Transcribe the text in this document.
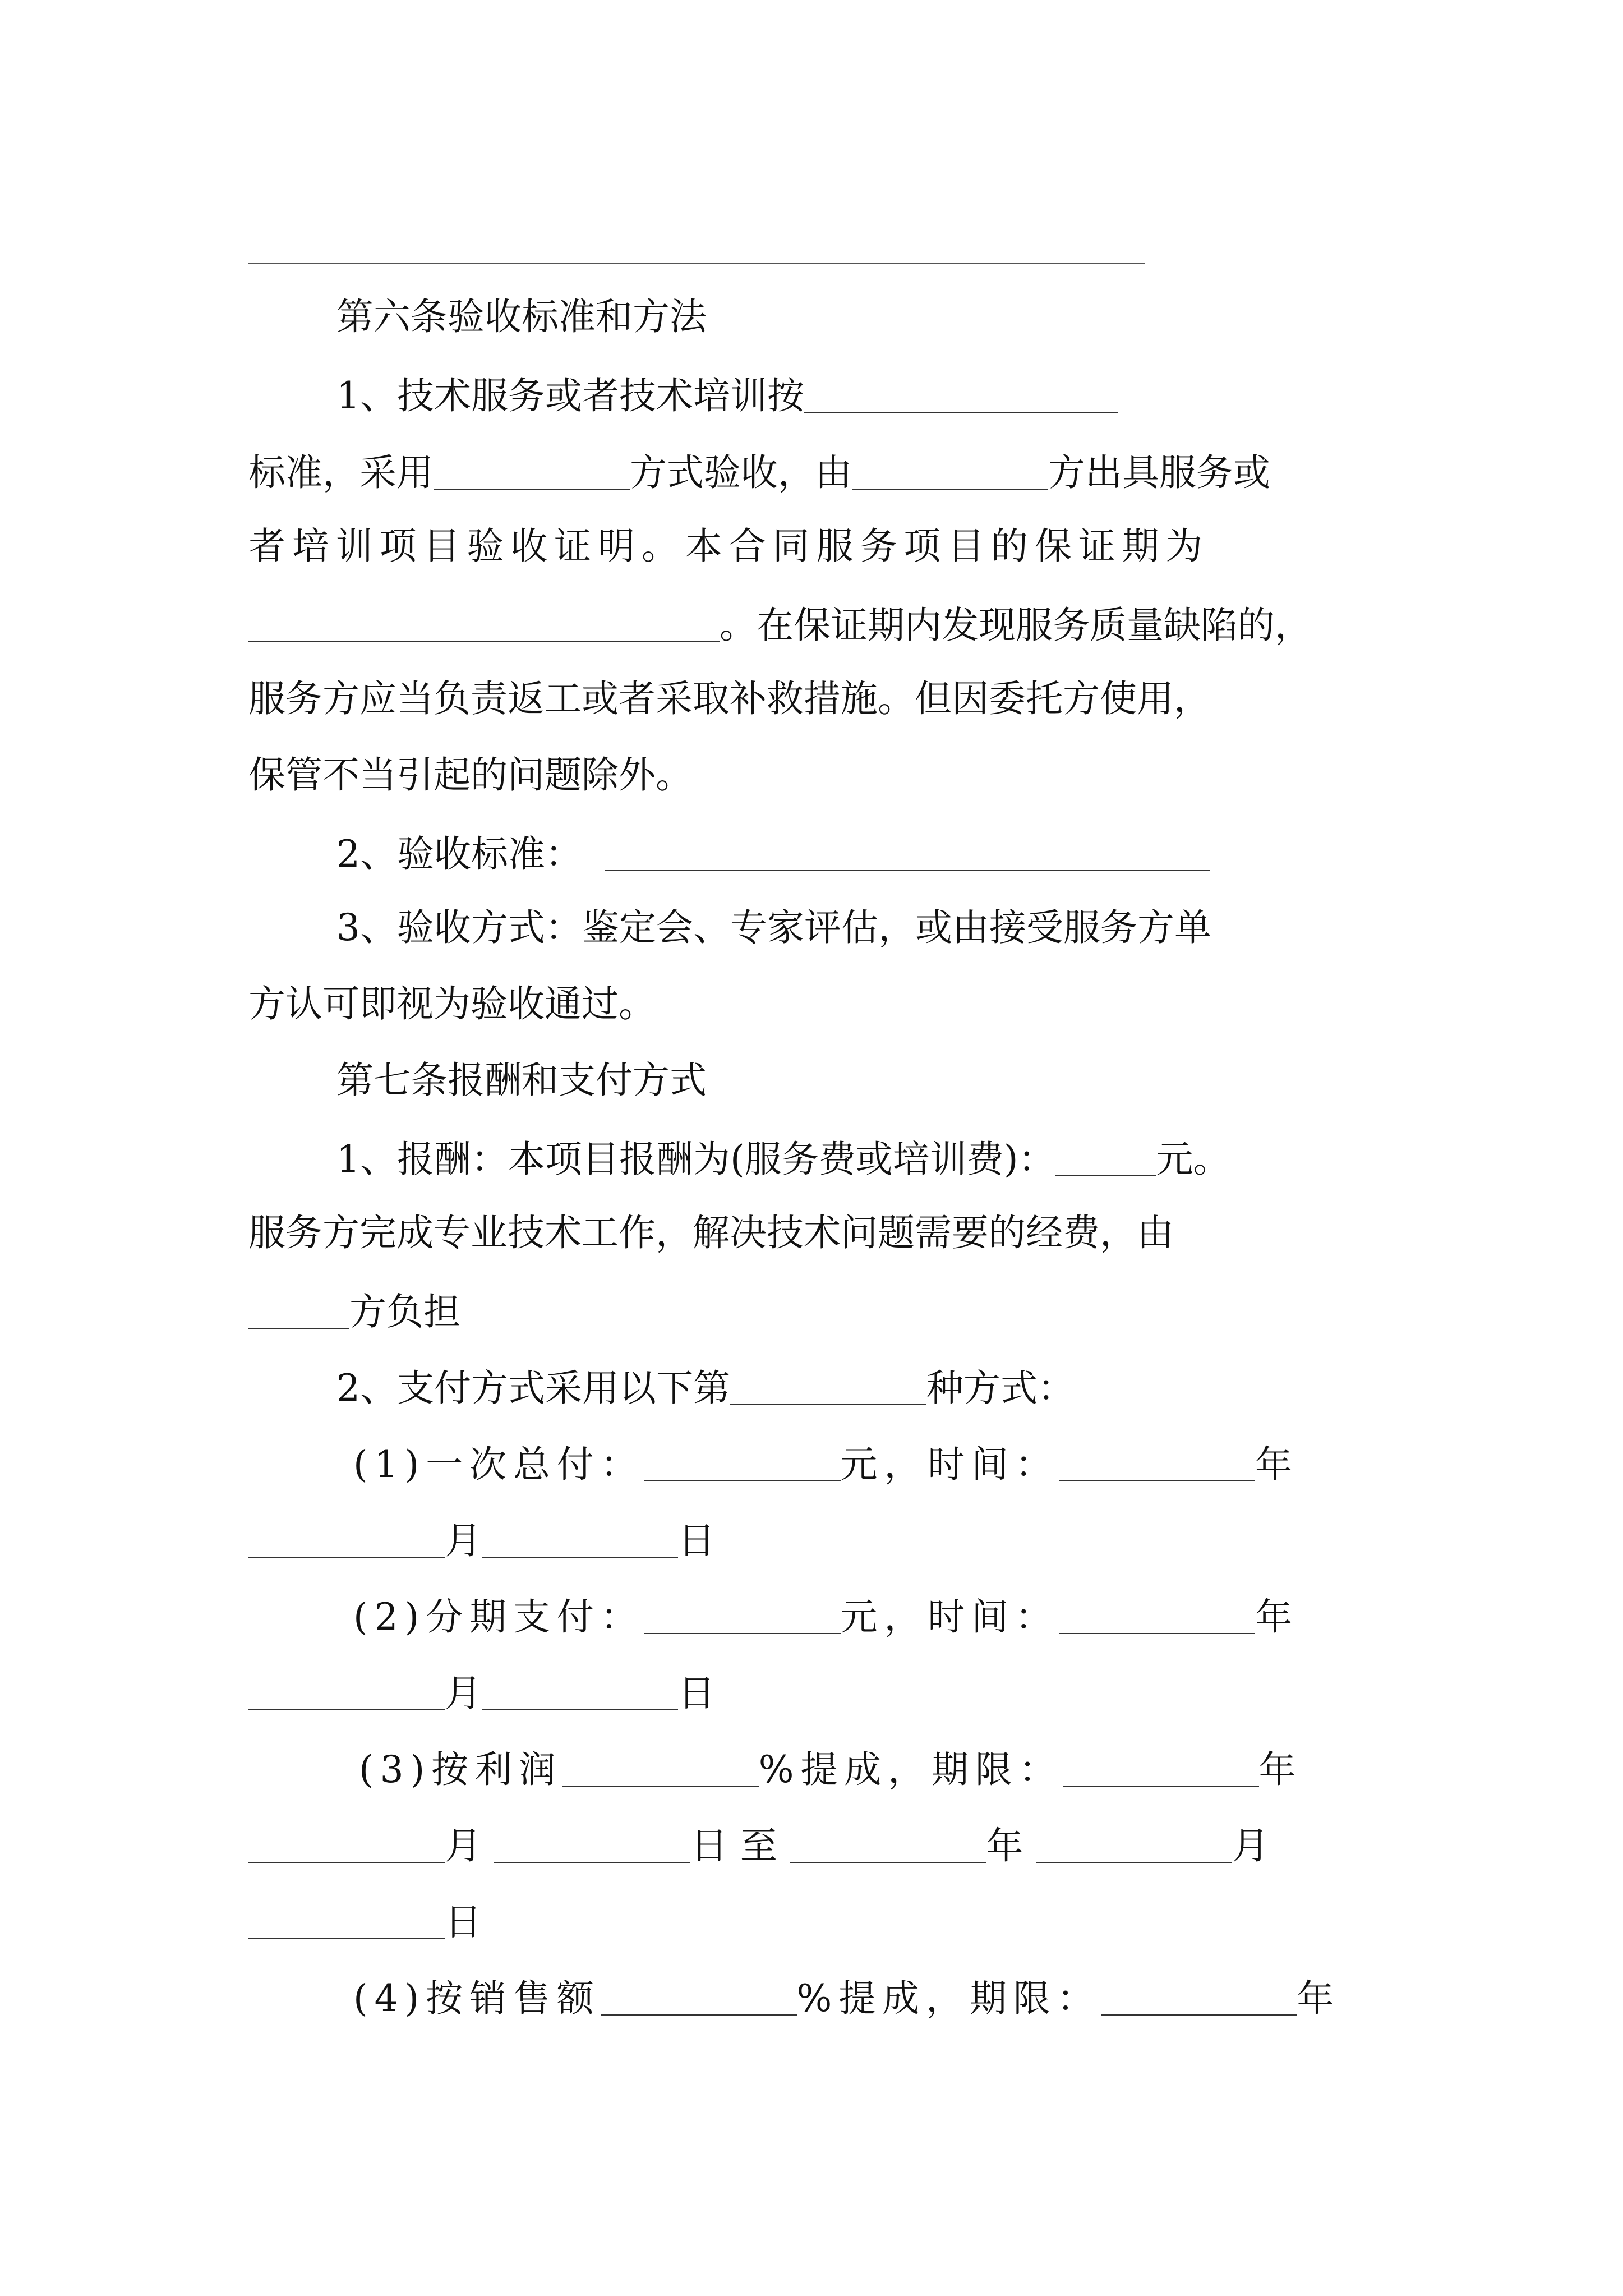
第六条验收标准和方法
1、技术服务或者技术培训按
标准，采用	方式验收，由	方出具服务或
者培训项目验收证明。本合同服务项目的保证期为
。在保证期内发现服务质量缺陷的，
服务方应当负责返工或者采取补救措施。但因委托方使用，
保管不当引起的问题除外。
2、验收标准：
3、验收方式：鉴定会、专家评估，或由接受服务方单
方认可即视为验收通过。
第七条报酬和支付方式
1、报酬：本项目报酬为(服务费或培训费)：	元。
服务方完成专业技术工作，解决技术问题需要的经费，由
方负担
2、支付方式采用以下第	种方式：
(1)一次总付：	元，时间：	年
月	日
(2)分期支付：	元，时间：	年
月	日
(3)按利润	%提成，期限：	年
月	日至	年	月
日
(4)按销售额	%提成，期限：	年
